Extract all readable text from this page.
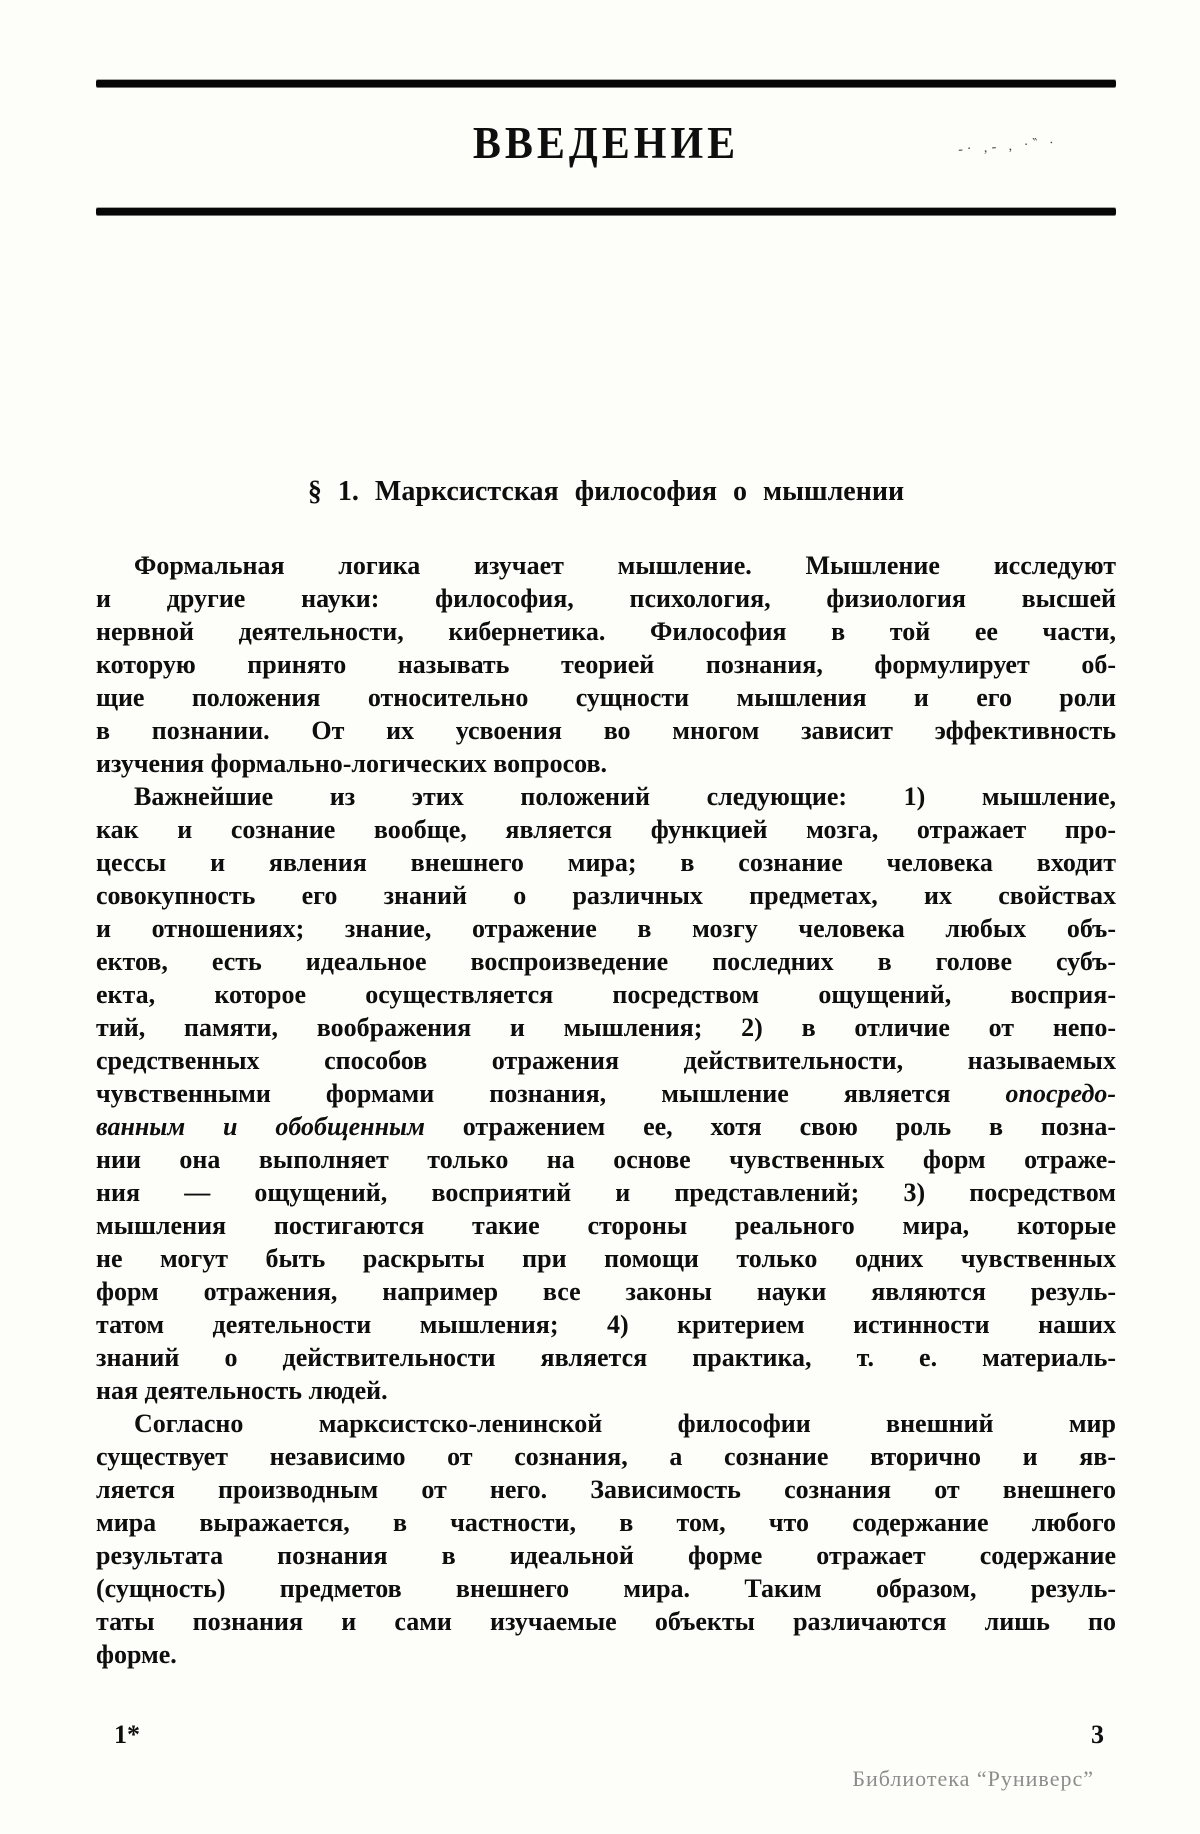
ВВЕДЕНИЕ	-· ‚- ‚ ·‶ ·
§ 1. Марксистская философия о мышлении
Формальная логика изучает мышление. Мышление исследуют
и другие науки: философия, психология, физиология высшей
нервной деятельности, кибернетика. Философия в той ее части,
которую принято называть теорией познания, формулирует об-
щие положения относительно сущности мышления и его роли
в познании. От их усвоения во многом зависит эффективность
изучения формально-логических вопросов.
Важнейшие из этих положений следующие: 1) мышление,
как и сознание вообще, является функцией мозга, отражает про-
цессы и явления внешнего мира; в сознание человека входит
совокупность его знаний о различных предметах, их свойствах
и отношениях; знание, отражение в мозгу человека любых объ-
ектов, есть идеальное воспроизведение последних в голове субъ-
екта, которое осуществляется посредством ощущений, восприя-
тий, памяти, воображения и мышления; 2) в отличие от непо-
средственных способов отражения действительности, называемых
чувственными формами познания, мышление является опосредо-
ванным и обобщенным отражением ее, хотя свою роль в позна-
нии она выполняет только на основе чувственных форм отраже-
ния — ощущений, восприятий и представлений; 3) посредством
мышления постигаются такие стороны реального мира, которые
не могут быть раскрыты при помощи только одних чувственных
форм отражения, например все законы науки являются резуль-
татом деятельности мышления; 4) критерием истинности наших
знаний о действительности является практика, т. е. материаль-
ная деятельность людей.
Согласно марксистско-ленинской философии внешний мир
существует независимо от сознания, а сознание вторично и яв-
ляется производным от него. Зависимость сознания от внешнего
мира выражается, в частности, в том, что содержание любого
результата познания в идеальной форме отражает содержание
(сущность) предметов внешнего мира. Таким образом, резуль-
таты познания и сами изучаемые объекты различаются лишь по
форме.
1*	3
Библиотека “Руниверс”
